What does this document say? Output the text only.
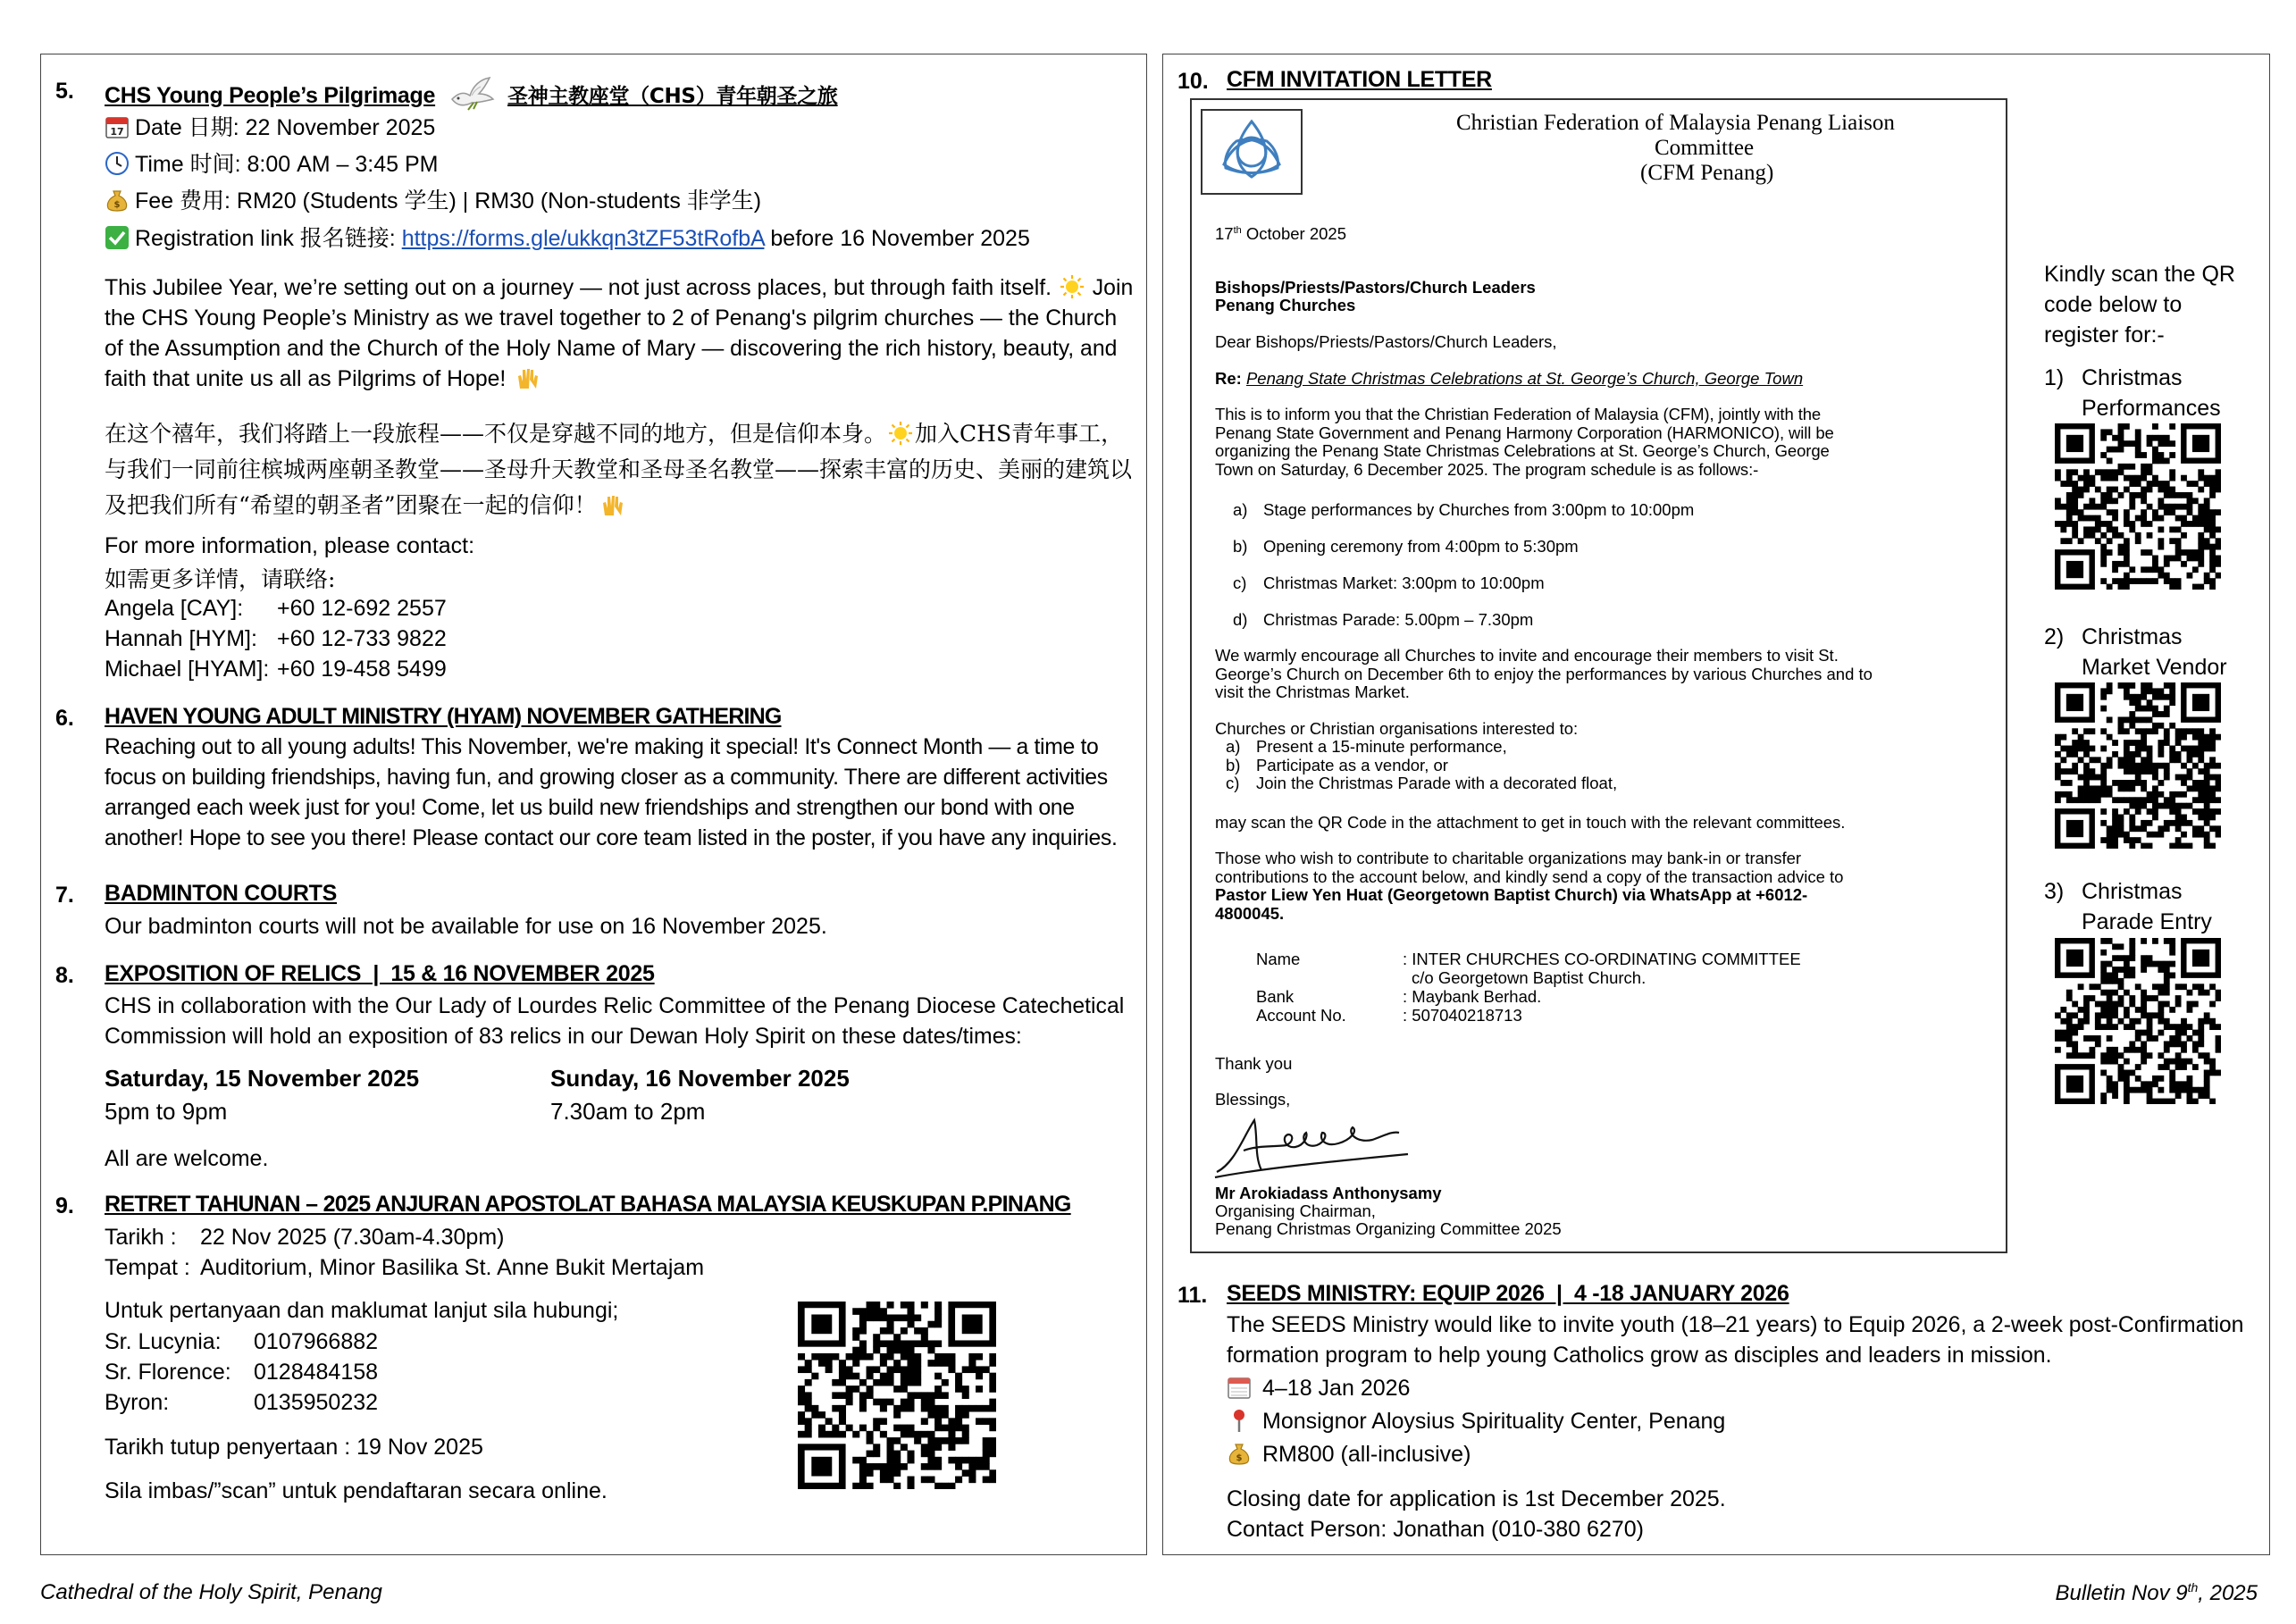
5. CHS Young People’s Pilgrimage	圣神主教座堂（CHS）青年朝圣之旅
17 Date 日期: 22 November 2025
Time 时间: 8:00 AM – 3:45 PM
$ Fee 费用: RM20 (Students 学生) | RM30 (Non-students 非学生)
Registration link 报名链接: https://forms.gle/ukkqn3tZF53tRofbA before 16 November 2025
This Jubilee Year, we’re setting out on a journey — not just across places, but through faith itself. Join the CHS Young People’s Ministry as we travel together to 2 of Penang's pilgrim churches — the Church of the Assumption and the Church of the Holy Name of Mary — discovering the rich history, beauty, and faith that unite us all as Pilgrims of Hope!
在这个禧年，我们将踏上一段旅程——不仅是穿越不同的地方，但是信仰本身。 加入CHS青年事工，与我们一同前往槟城两座朝圣教堂——圣母升天教堂和圣母圣名教堂——探索丰富的历史、美丽的建筑以及把我们所有“希望的朝圣者”团聚在一起的信仰！
For more information, please contact:
如需更多详情，请联络:
Angela [CAY]: +60 12-692 2557
Hannah [HYM]: +60 12-733 9822
Michael [HYAM]: +60 19-458 5499
6. HAVEN YOUNG ADULT MINISTRY (HYAM) NOVEMBER GATHERING
Reaching out to all young adults! This November, we're making it special! It's Connect Month — a time to focus on building friendships, having fun, and growing closer as a community. There are different activities arranged each week just for you! Come, let us build new friendships and strengthen our bond with one another! Hope to see you there! Please contact our core team listed in the poster, if you have any inquiries.
7. BADMINTON COURTS
Our badminton courts will not be available for use on 16 November 2025.
8. EXPOSITION OF RELICS  |  15 & 16 NOVEMBER 2025
CHS in collaboration with the Our Lady of Lourdes Relic Committee of the Penang Diocese Catechetical Commission will hold an exposition of 83 relics in our Dewan Holy Spirit on these dates/times:
Saturday, 15 November 2025
5pm to 9pm
Sunday, 16 November 2025
7.30am to 2pm
All are welcome.
9. RETRET TAHUNAN – 2025 ANJURAN APOSTOLAT BAHASA MALAYSIA KEUSKUPAN P.PINANG
Tarikh : 22 Nov 2025 (7.30am-4.30pm)
Tempat : Auditorium, Minor Basilika St. Anne Bukit Mertajam
Untuk pertanyaan dan maklumat lanjut sila hubungi;
Sr. Lucynia: 0107966882
Sr. Florence: 0128484158
Byron:	0135950232
Tarikh tutup penyertaan : 19 Nov 2025
Sila imbas/”scan” untuk pendaftaran secara online.
10. CFM INVITATION LETTER
Christian Federation of Malaysia Penang Liaison
Committee
(CFM Penang)
17th October 2025
Bishops/Priests/Pastors/Church Leaders
Penang Churches
Dear Bishops/Priests/Pastors/Church Leaders,
Re: Penang State Christmas Celebrations at St. George’s Church, George Town
This is to inform you that the Christian Federation of Malaysia (CFM), jointly with the
Penang State Government and Penang Harmony Corporation (HARMONICO), will be
organizing the Penang State Christmas Celebrations at St. George’s Church, George
Town on Saturday, 6 December 2025. The program schedule is as follows:-
a) Stage performances by Churches from 3:00pm to 10:00pm
b) Opening ceremony from 4:00pm to 5:30pm
c) Christmas Market: 3:00pm to 10:00pm
d) Christmas Parade: 5.00pm – 7.30pm
We warmly encourage all Churches to invite and encourage their members to visit St.
George’s Church on December 6th to enjoy the performances by various Churches and to
visit the Christmas Market.
Churches or Christian organisations interested to:
a)
b)
c)
Present a 15-minute performance,
Participate as a vendor, or
Join the Christmas Parade with a decorated float,
may scan the QR Code in the attachment to get in touch with the relevant committees.
Those who wish to contribute to charitable organizations may bank-in or transfer
contributions to the account below, and kindly send a copy of the transaction advice to
Pastor Liew Yen Huat (Georgetown Baptist Church) via WhatsApp at +6012-
4800045.
Name	: INTER CHURCHES CO-ORDINATING COMMITTEE
c/o Georgetown Baptist Church.
Bank	: Maybank Berhad.
Account No.	: 507040218713
Thank you
Blessings,
Mr Arokiadass Anthonysamy
Organising Chairman,
Penang Christmas Organizing Committee 2025
Kindly scan the QR code below to register for:-
1) Christmas
Performances
2) Christmas
Market Vendor
3) Christmas
Parade Entry
11. SEEDS MINISTRY: EQUIP 2026  |  4 -18 JANUARY 2026
The SEEDS Ministry would like to invite youth (18–21 years) to Equip 2026, a 2-week post-Confirmation formation program to help young Catholics grow as disciples and leaders in mission.
4–18 Jan 2026
Monsignor Aloysius Spirituality Center, Penang
$ RM800 (all-inclusive)
Closing date for application is 1st December 2025.
Contact Person: Jonathan (010-380 6270)
Cathedral of the Holy Spirit, Penang	Bulletin Nov 9th, 2025
